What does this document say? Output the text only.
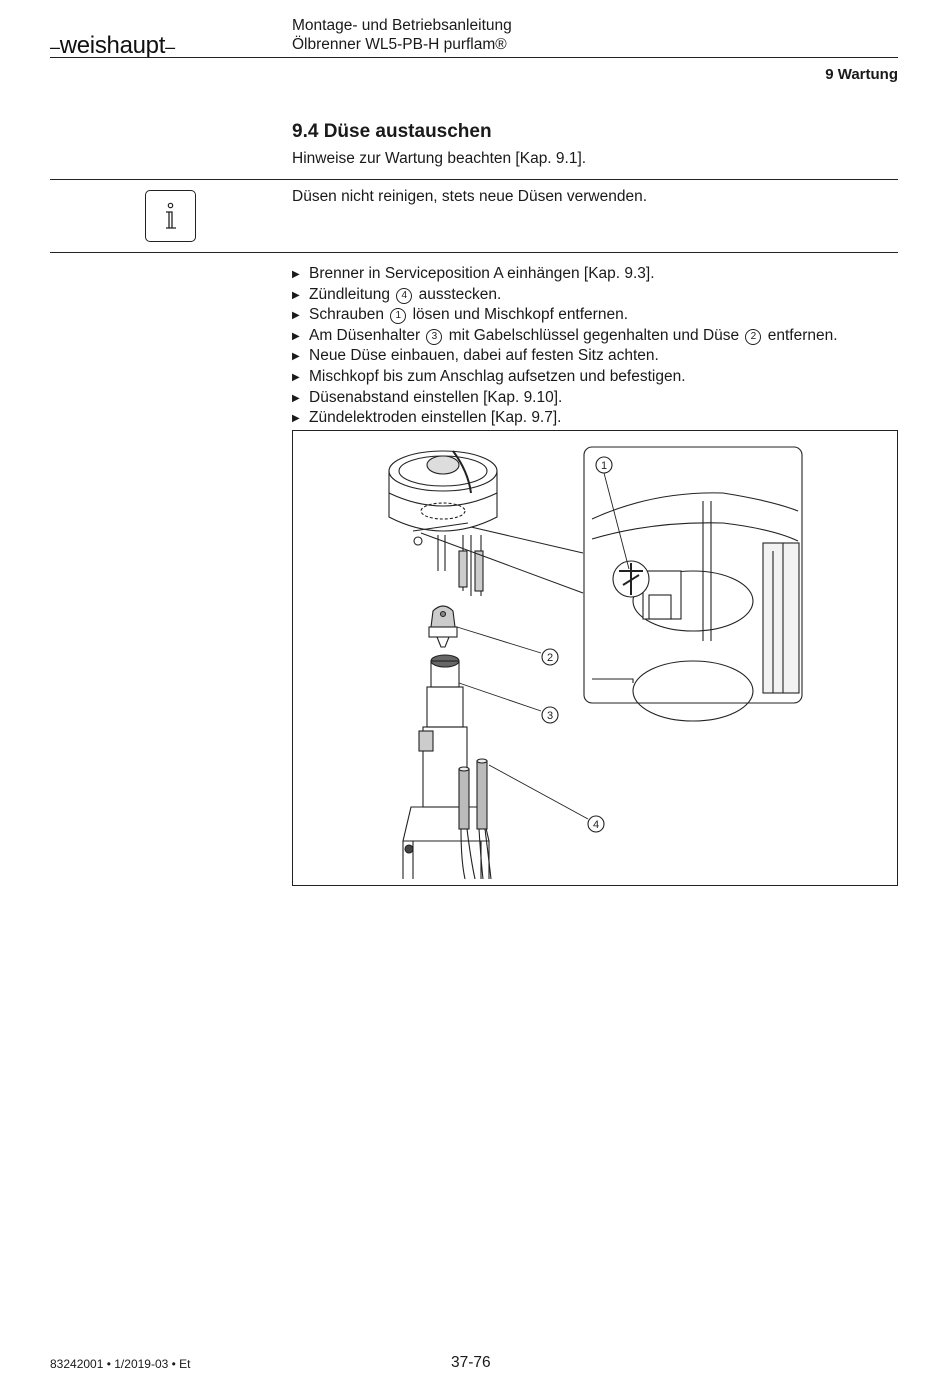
–weishaupt–
Montage- und Betriebsanleitung
Ölbrenner WL5-PB-H purflam®
9 Wartung
9.4 Düse austauschen
Hinweise zur Wartung beachten [Kap. 9.1].
Düsen nicht reinigen, stets neue Düsen verwenden.
▶ Brenner in Serviceposition A einhängen [Kap. 9.3].
▶ Zündleitung 4 ausstecken.
▶ Schrauben 1 lösen und Mischkopf entfernen.
▶ Am Düsenhalter 3 mit Gabelschlüssel gegenhalten und Düse 2 entfernen.
▶ Neue Düse einbauen, dabei auf festen Sitz achten.
▶ Mischkopf bis zum Anschlag aufsetzen und befestigen.
▶ Düsenabstand einstellen [Kap. 9.10].
▶ Zündelektroden einstellen [Kap. 9.7].
1
2
3
4
83242001 • 1/2019-03 • Et	37-76
